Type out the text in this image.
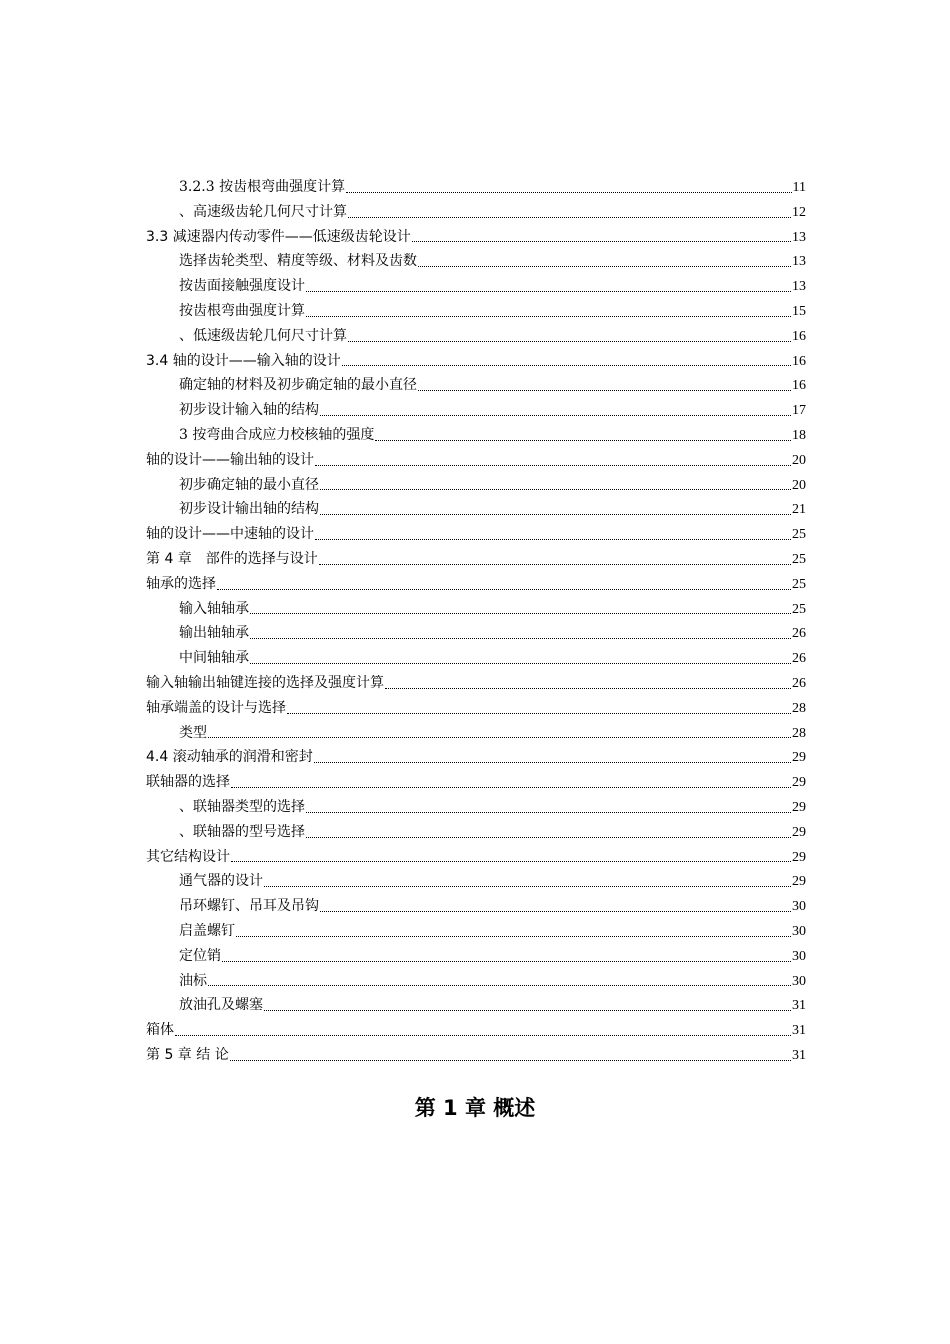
3.2.3 按齿根弯曲强度计算	11
、高速级齿轮几何尺寸计算	12
3.3 减速器内传动零件——低速级齿轮设计	13
选择齿轮类型、精度等级、材料及齿数	13
按齿面接触强度设计	13
按齿根弯曲强度计算	15
、低速级齿轮几何尺寸计算	16
3.4 轴的设计——输入轴的设计	16
确定轴的材料及初步确定轴的最小直径	16
初步设计输入轴的结构	17
3 按弯曲合成应力校核轴的强度	18
轴的设计——输出轴的设计	20
初步确定轴的最小直径	20
初步设计输出轴的结构	21
轴的设计——中速轴的设计	25
第 4 章　部件的选择与设计	25
轴承的选择	25
输入轴轴承	25
输出轴轴承	26
中间轴轴承	26
输入轴输出轴键连接的选择及强度计算	26
轴承端盖的设计与选择	28
类型	28
4.4 滚动轴承的润滑和密封	29
联轴器的选择	29
、联轴器类型的选择	29
、联轴器的型号选择	29
其它结构设计	29
通气器的设计	29
吊环螺钉、吊耳及吊钩	30
启盖螺钉	30
定位销	30
油标	30
放油孔及螺塞	31
箱体	31
第 5 章 结 论	31
第 1 章 概述
